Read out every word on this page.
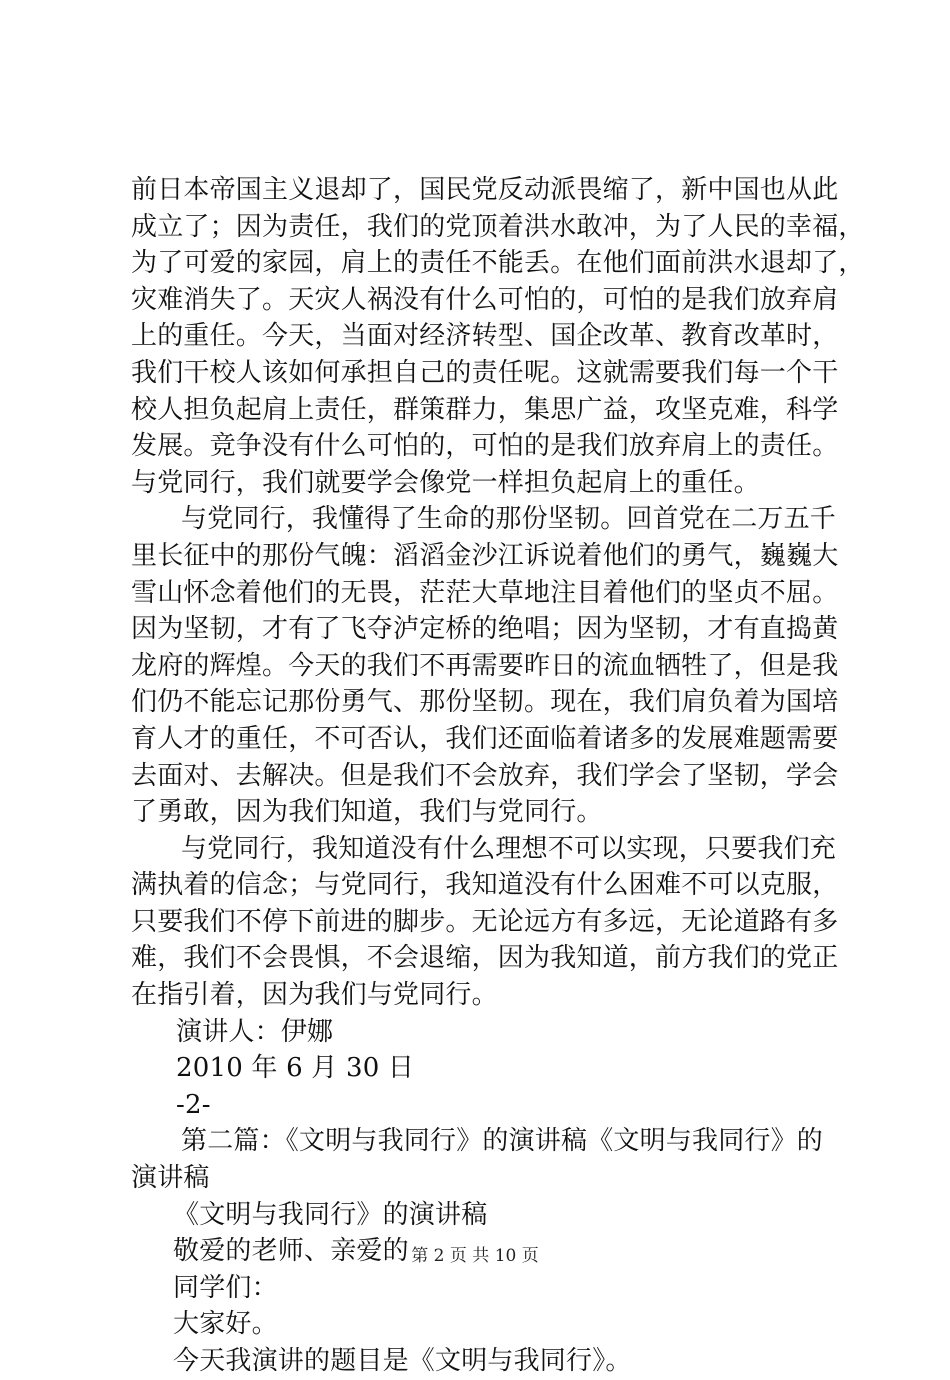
前日本帝国主义退却了，国民党反动派畏缩了，新中国也从此
成立了；因为责任，我们的党顶着洪水敢冲，为了人民的幸福，
为了可爱的家园，肩上的责任不能丢。在他们面前洪水退却了，
灾难消失了。天灾人祸没有什么可怕的，可怕的是我们放弃肩
上的重任。今天，当面对经济转型、国企改革、教育改革时，
我们干校人该如何承担自己的责任呢。这就需要我们每一个干
校人担负起肩上责任，群策群力，集思广益，攻坚克难，科学
发展。竞争没有什么可怕的，可怕的是我们放弃肩上的责任。
与党同行，我们就要学会像党一样担负起肩上的重任。
与党同行，我懂得了生命的那份坚韧。回首党在二万五千
里长征中的那份气魄：滔滔金沙江诉说着他们的勇气，巍巍大
雪山怀念着他们的无畏，茫茫大草地注目着他们的坚贞不屈。
因为坚韧，才有了飞夺泸定桥的绝唱；因为坚韧，才有直捣黄
龙府的辉煌。今天的我们不再需要昨日的流血牺牲了，但是我
们仍不能忘记那份勇气、那份坚韧。现在，我们肩负着为国培
育人才的重任，不可否认，我们还面临着诸多的发展难题需要
去面对、去解决。但是我们不会放弃，我们学会了坚韧，学会
了勇敢，因为我们知道，我们与党同行。
与党同行，我知道没有什么理想不可以实现，只要我们充
满执着的信念；与党同行，我知道没有什么困难不可以克服，
只要我们不停下前进的脚步。无论远方有多远，无论道路有多
难，我们不会畏惧，不会退缩，因为我知道，前方我们的党正
在指引着，因为我们与党同行。
演讲人：伊娜
2010 年 6 月 30 日
-2-
第二篇：《文明与我同行》的演讲稿《文明与我同行》的
演讲稿
《文明与我同行》的演讲稿
敬爱的老师、亲爱的
同学们：
大家好。
今天我演讲的题目是《文明与我同行》。
第 2 页 共 10 页
